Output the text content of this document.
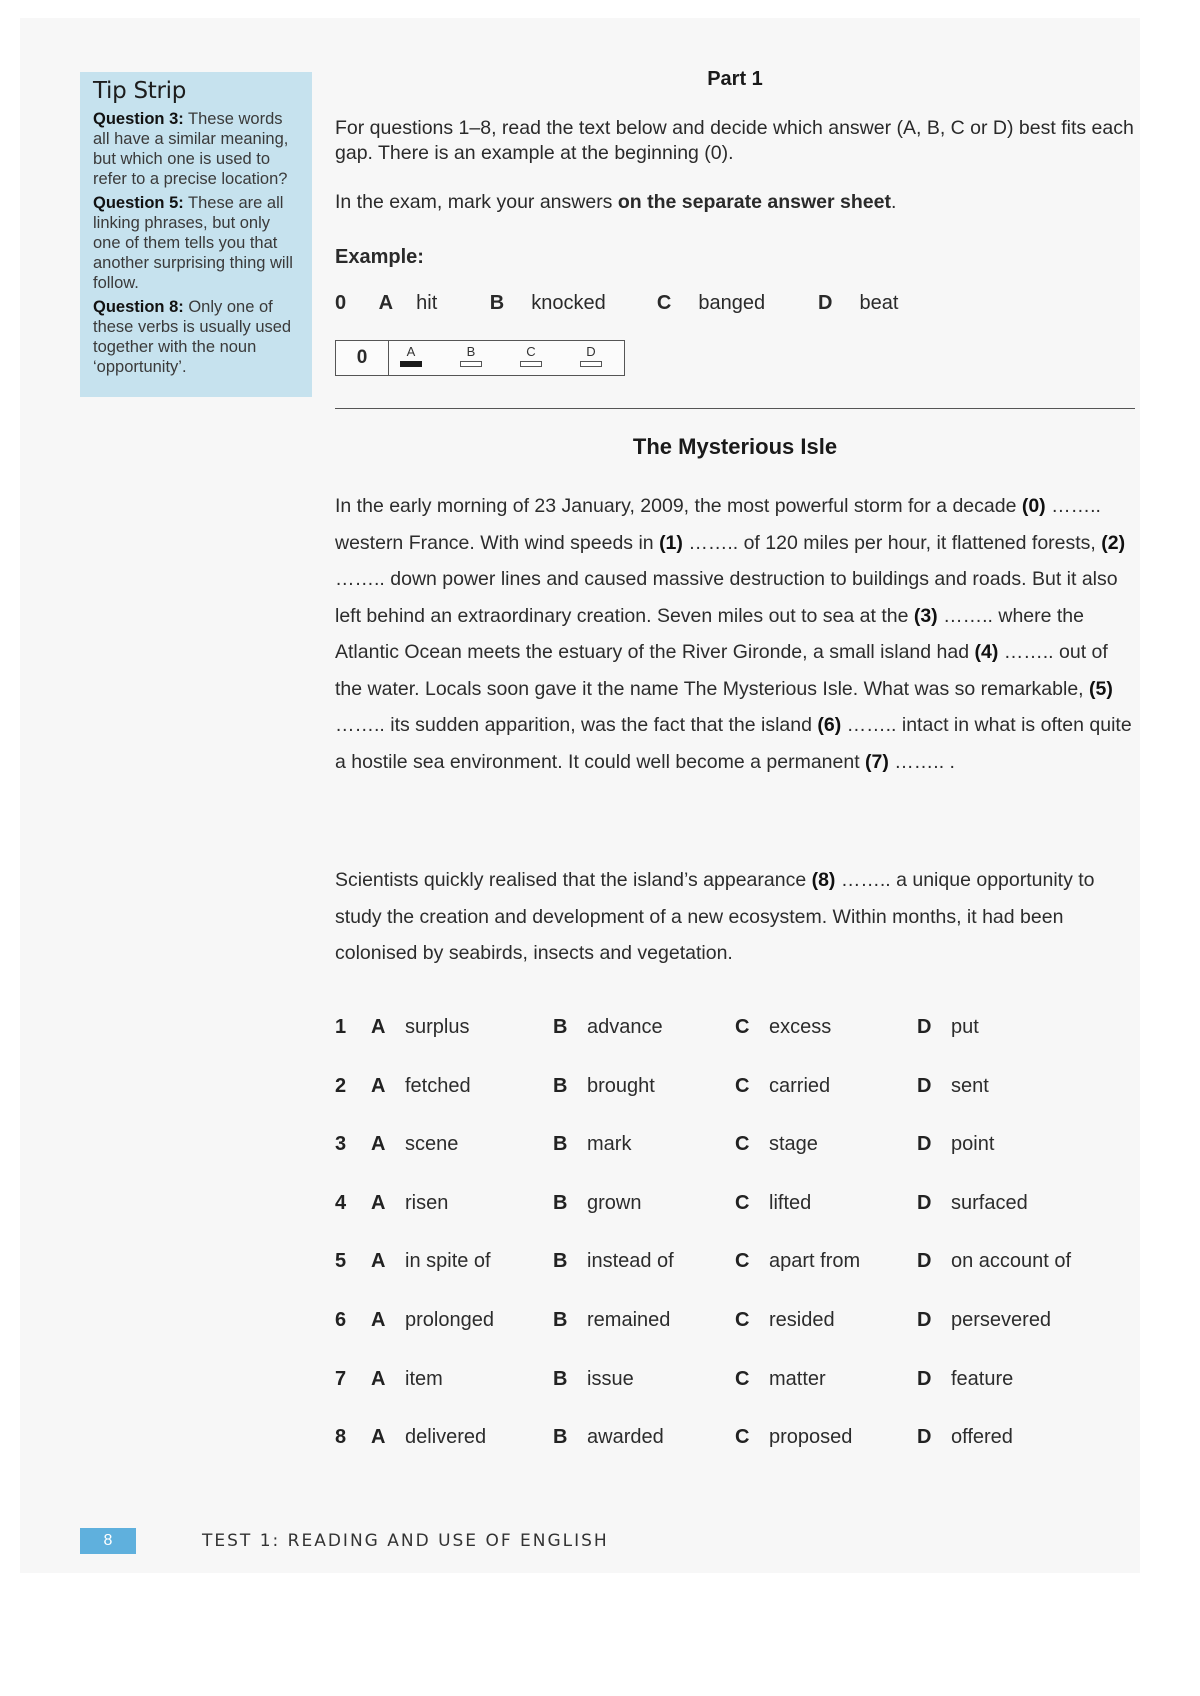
Tip Strip

Question 3: These words all have a similar meaning, but which one is used to refer to a precise location?

Question 5: These are all linking phrases, but only one of them tells you that another surprising thing will follow.

Question 8: Only one of these verbs is usually used together with the noun ‘opportunity’.

Part 1

For questions 1–8, read the text below and decide which answer (A, B, C or D) best fits each gap. There is an example at the beginning (0).

In the exam, mark your answers on the separate answer sheet.
Example:
0 A hit	B knocked	C banged	D beat
0	A	B	C	D
The Mysterious Isle

In the early morning of 23 January, 2009, the most powerful storm for a decade (0) …….. western France. With wind speeds in (1) …….. of 120 miles per hour, it flattened forests, (2) …….. down power lines and caused massive destruction to buildings and roads. But it also left behind an extraordinary creation. Seven miles out to sea at the (3) …….. where the Atlantic Ocean meets the estuary of the River Gironde, a small island had (4) …….. out of the water. Locals soon gave it the name The Mysterious Isle. What was so remarkable, (5) …….. its sudden apparition, was the fact that the island (6) …….. intact in what is often quite a hostile sea environment. It could well become a permanent (7) …….. .

Scientists quickly realised that the island’s appearance (8) …….. a unique opportunity to study the creation and development of a new ecosystem. Within months, it had been colonised by seabirds, insects and vegetation.

1 A surplus	B advance	C excess	D put
2 A fetched	B brought	C carried	D sent
3 A scene	B mark	C stage	D point
4 A risen	B grown	C lifted	D surfaced
5 A in spite of	B instead of	C apart from	D on account of
6 A prolonged	B remained	C resided	D persevered
7 A item	B issue	C matter	D feature
8 A delivered	B awarded	C proposed	D offered
8	TEST 1: READING AND USE OF ENGLISH
